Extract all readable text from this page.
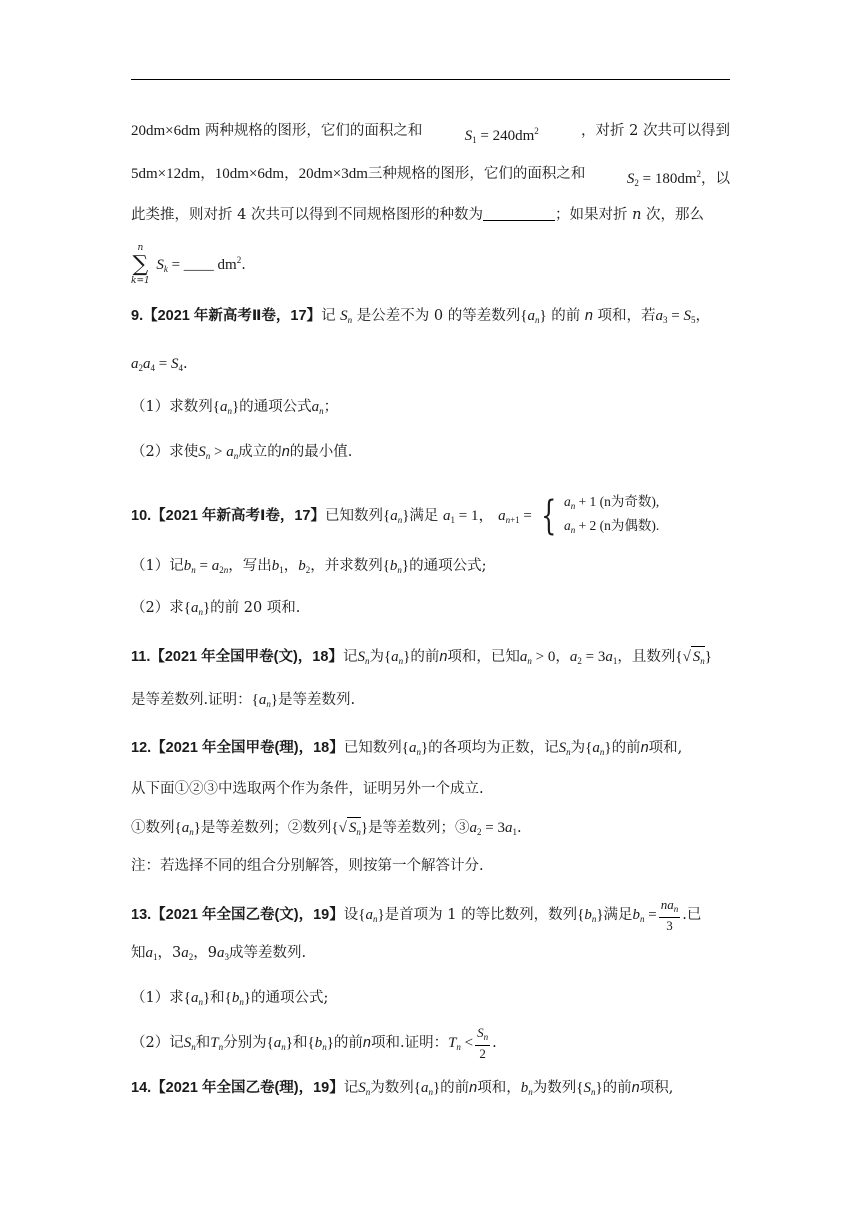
20dm×6dm 两种规格的图形，它们的面积之和	$S_1 = 240dm^2$	，对折 2 次共可以得到
5dm×12dm，10dm×6dm，20dm×3dm三种规格的图形，它们的面积之和	$S_2 = 180dm^2$，以
此类推，则对折 4 次共可以得到不同规格图形的种数为	；如果对折 n 次，那么
n
∑
k=1
$S_k$ = ____ $dm^2$.
9.【2021 年新高考Ⅱ卷，17】记 $S_n$ 是公差不为 0 的等差数列$\{a_n\}$ 的前 n 项和，若$a_3 = S_5$，
$a_2a_4 = S_4$.
（1）求数列$\{a_n\}$的通项公式$a_n$；
（2）求使$S_n > a_n$成立的n的最小值.
10.【2021 年新高考Ⅰ卷，17】已知数列$\{a_n\}$满足 $a_1 = 1$， $a_{n+1}$ = { $a_n + 1$ (n为奇数),
$a_n + 2$ (n为偶数).
（1）记$b_n = a_{2n}$，写出$b_1$，$b_2$，并求数列$\{b_n\}$的通项公式;
（2）求$\{a_n\}$的前 20 项和.
11.【2021 年全国甲卷(文)，18】记$S_n$为$\{a_n\}$的前n项和，已知$a_n > 0$，$a_2 = 3a_1$，且数列{√ $S_n$}
是等差数列.证明：$\{a_n\}$是等差数列.
12.【2021 年全国甲卷(理)，18】已知数列$\{a_n\}$的各项均为正数，记$S_n$为$\{a_n\}$的前n项和,
从下面①②③中选取两个作为条件，证明另外一个成立.
①数列$\{a_n\}$是等差数列；②数列{√ $S_n$}是等差数列；$③a_2 = 3a_1$.
注：若选择不同的组合分别解答，则按第一个解答计分.
13.【2021 年全国乙卷(文)，19】设$\{a_n\}$是首项为 1 的等比数列，数列$\{b_n\}$满足$b_n = \frac{na_n}{3}$ .已
知$a_1$，$3a_2$，$9a_3$成等差数列.
（1）求$\{a_n\}$和$\{b_n\}$的通项公式;
（2）记$S_n$和$T_n$分别为$\{a_n\}$和$\{b_n\}$的前n项和.证明：$T_n < \frac{S_n}{2}$ .
14.【2021 年全国乙卷(理)，19】记$S_n$为数列$\{a_n\}$的前n项和，$b_n$为数列$\{S_n\}$的前n项积,
